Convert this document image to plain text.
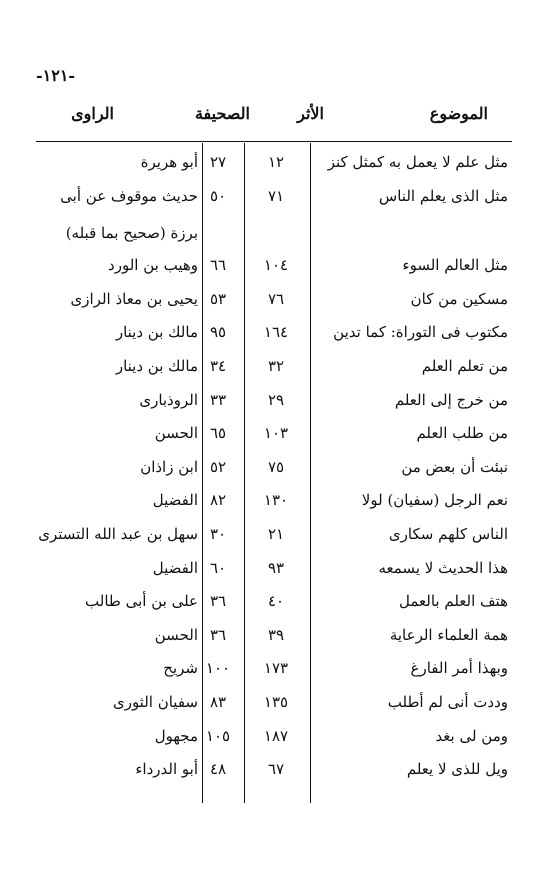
-١٢١-
الموضوع
الأثر
الصحيفة
الراوى
مثل علم لا يعمل به كمثل كنز
١٢
٢٧
أبو هريرة
مثل الذى يعلم الناس
٧١
٥٠
حديث موقوف عن أبى
برزة (صحيح بما قبله)
مثل العالم السوء
١٠٤
٦٦
وهيب بن الورد
مسكين من كان
٧٦
٥٣
يحيى بن معاذ الرازى
مكتوب فى التوراة: كما تدين
١٦٤
٩٥
مالك بن دينار
من تعلم العلم
٣٢
٣٤
مالك بن دينار
من خرج إلى العلم
٢٩
٣٣
الروذبارى
من طلب العلم
١٠٣
٦٥
الحسن
نبئت أن بعض من
٧٥
٥٢
ابن زاذان
نعم الرجل (سفيان) لولا
١٣٠
٨٢
الفضيل
الناس كلهم سكارى
٢١
٣٠
سهل بن عبد الله التسترى
هذا الحديث لا يسمعه
٩٣
٦٠
الفضيل
هتف العلم بالعمل
٤٠
٣٦
على بن أبى طالب
همة العلماء الرعاية
٣٩
٣٦
الحسن
وبهذا أمر الفارغ
١٧٣
١٠٠
شريح
وددت أنى لم أطلب
١٣٥
٨٣
سفيان الثورى
ومن لى بغد
١٨٧
١٠٥
مجهول
ويل للذى لا يعلم
٦٧
٤٨
أبو الدرداء
